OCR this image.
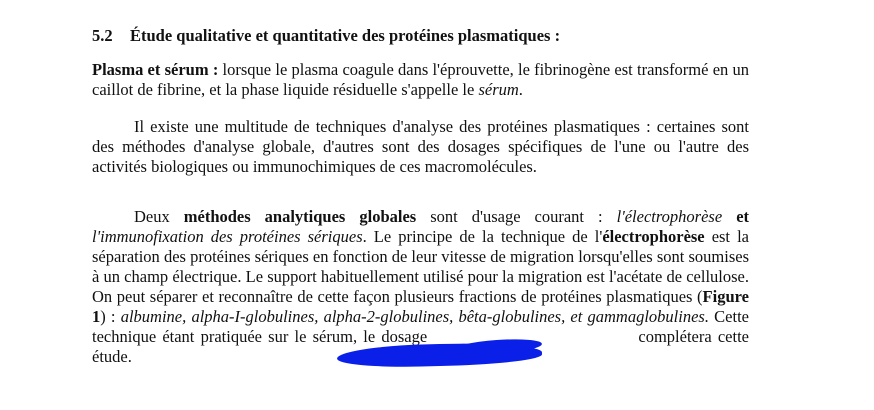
5.2 Étude qualitative et quantitative des protéines plasmatiques :

Plasma et sérum : lorsque le plasma coagule dans l'éprouvette, le fibrinogène est transformé en un caillot de fibrine, et la phase liquide résiduelle s'appelle le sérum.

Il existe une multitude de techniques d'analyse des protéines plasmatiques : certaines sont des méthodes d'analyse globale, d'autres sont des dosages spécifiques de l'une ou l'autre des activités biologiques ou immunochimiques de ces macromolécules.

Deux méthodes analytiques globales sont d'usage courant : l'électrophorèse et l'immunofixation des protéines sériques. Le principe de la technique de l'électrophorèse est la séparation des protéines sériques en fonction de leur vitesse de migration lorsqu'elles sont soumises à un champ électrique. Le support habituellement utilisé pour la migration est l'acétate de cellulose. On peut séparer et reconnaître de cette façon plusieurs fractions de protéines plasmatiques (Figure 1) : albumine, alpha-I-globulines, alpha-2-globulines, bêta-globulines, et gammaglobulines. Cette technique étant pratiquée sur le sérum, le dosage	complétera cette étude.
